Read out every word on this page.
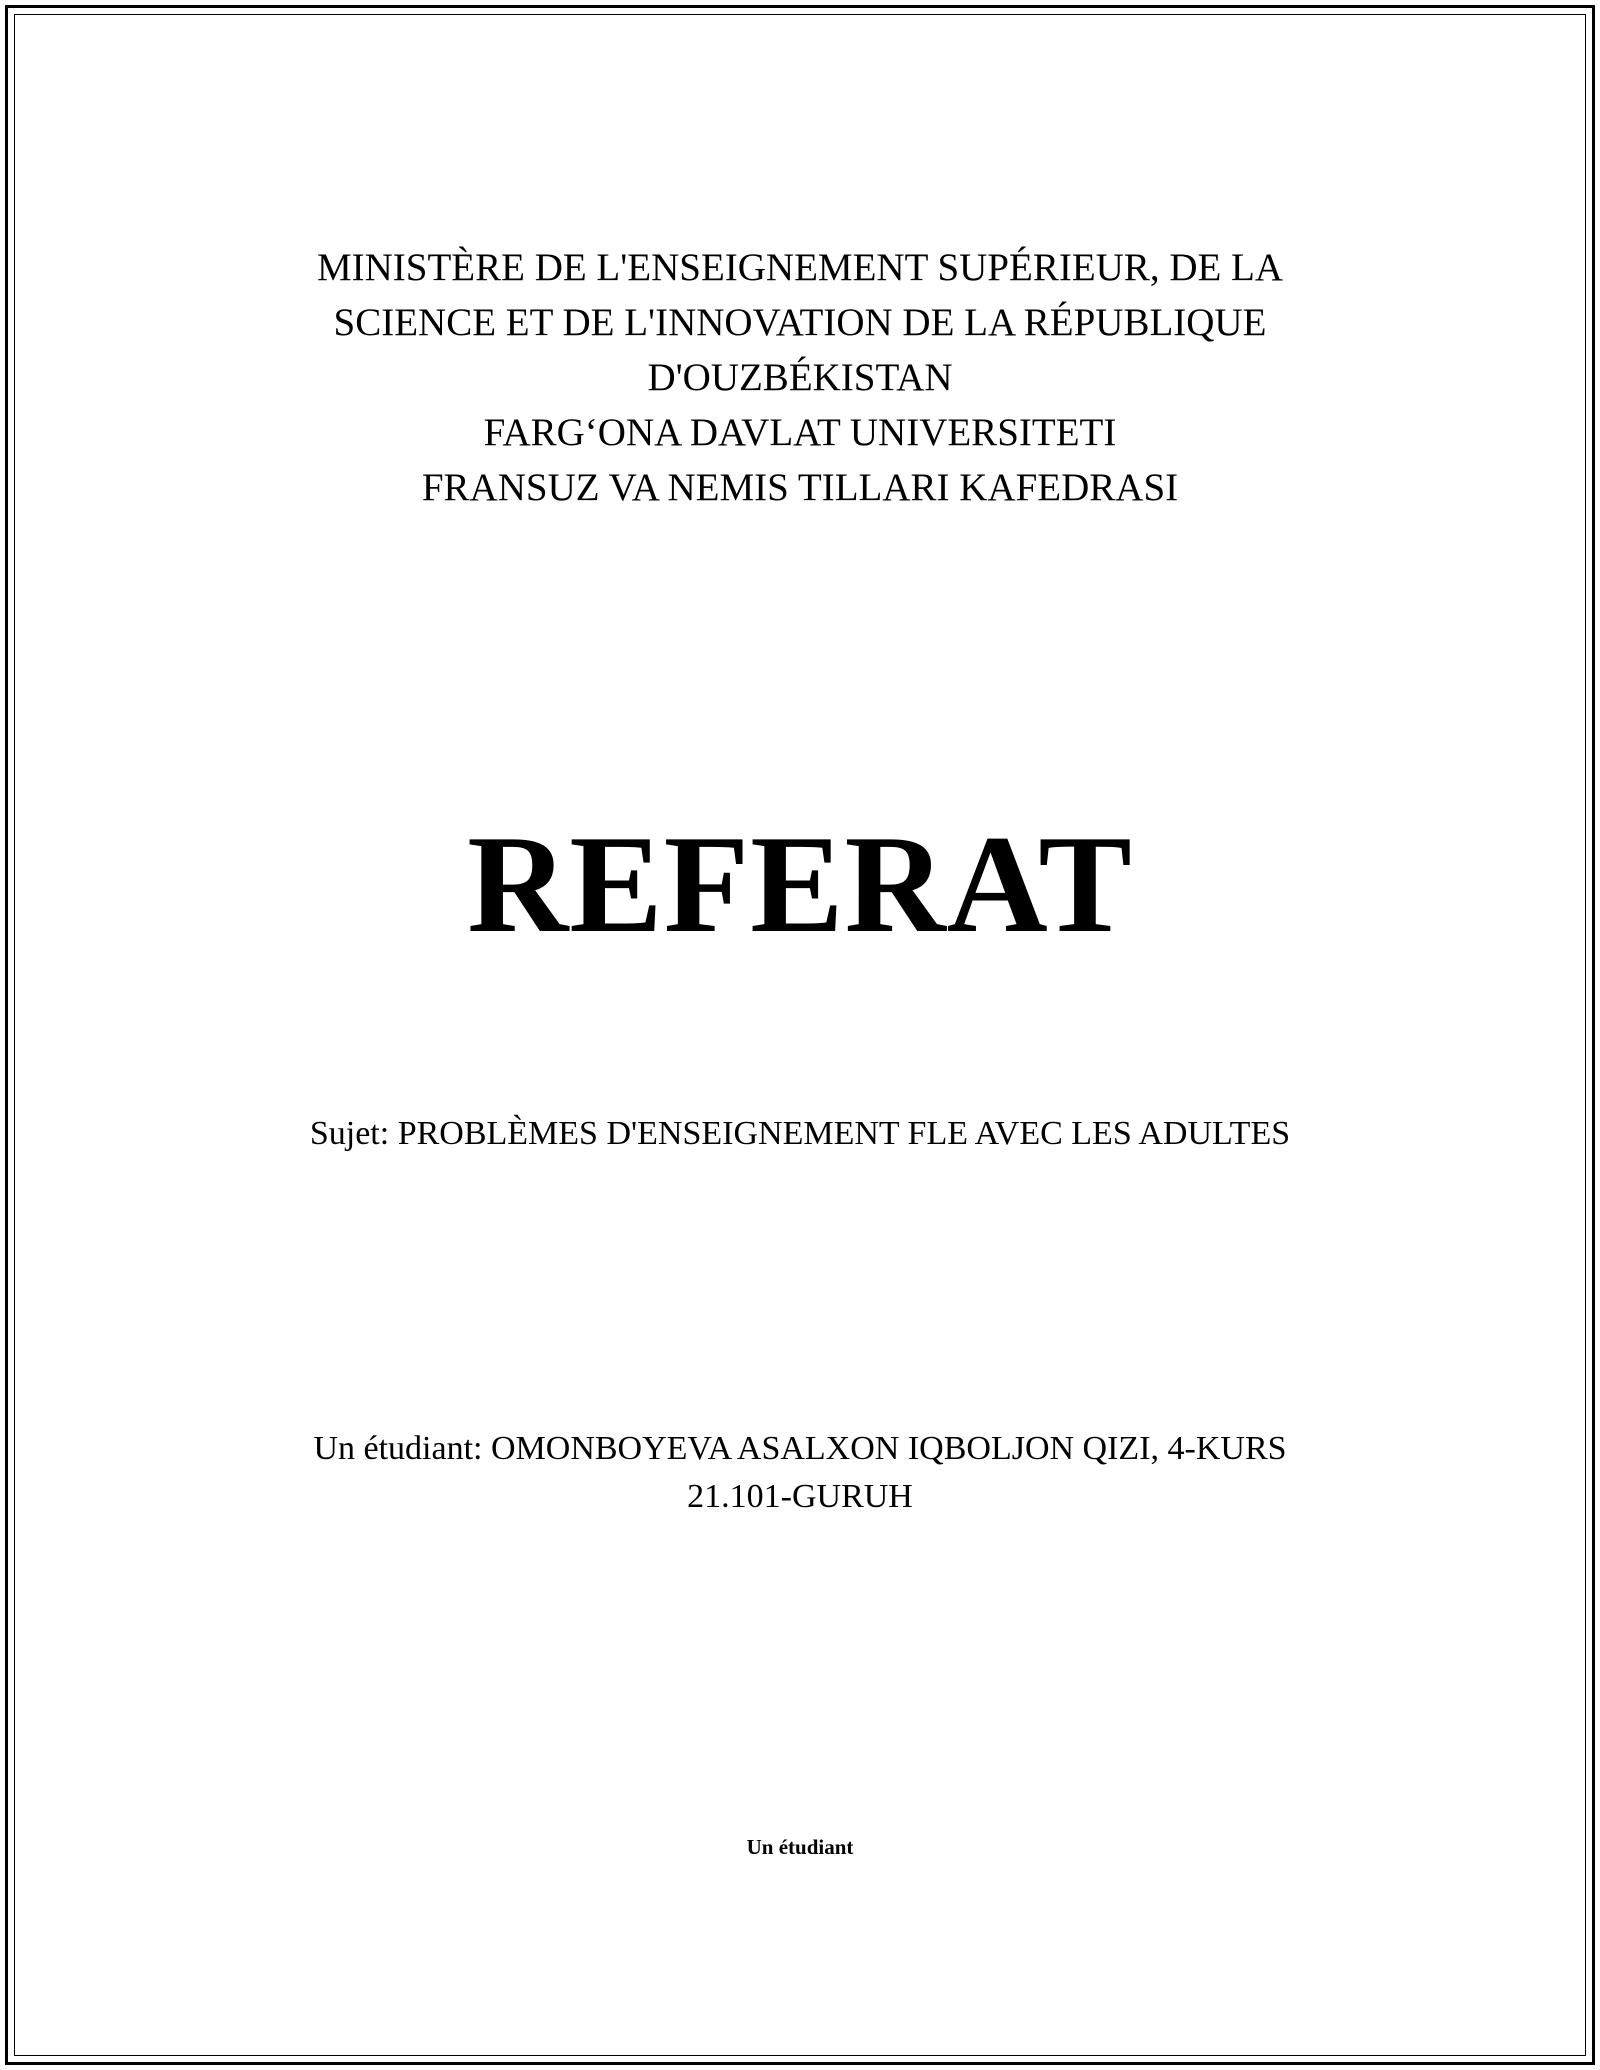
MINISTÈRE DE L'ENSEIGNEMENT SUPÉRIEUR, DE LA
SCIENCE ET DE L'INNOVATION DE LA RÉPUBLIQUE
D'OUZBÉKISTAN
FARG‘ONA DAVLAT UNIVERSITETI
FRANSUZ VA NEMIS TILLARI KAFEDRASI
REFERAT
Sujet: PROBLÈMES D'ENSEIGNEMENT FLE AVEC LES ADULTES
Un étudiant: OMONBOYEVA ASALXON IQBOLJON QIZI, 4-KURS
21.101-GURUH
Un étudiant
